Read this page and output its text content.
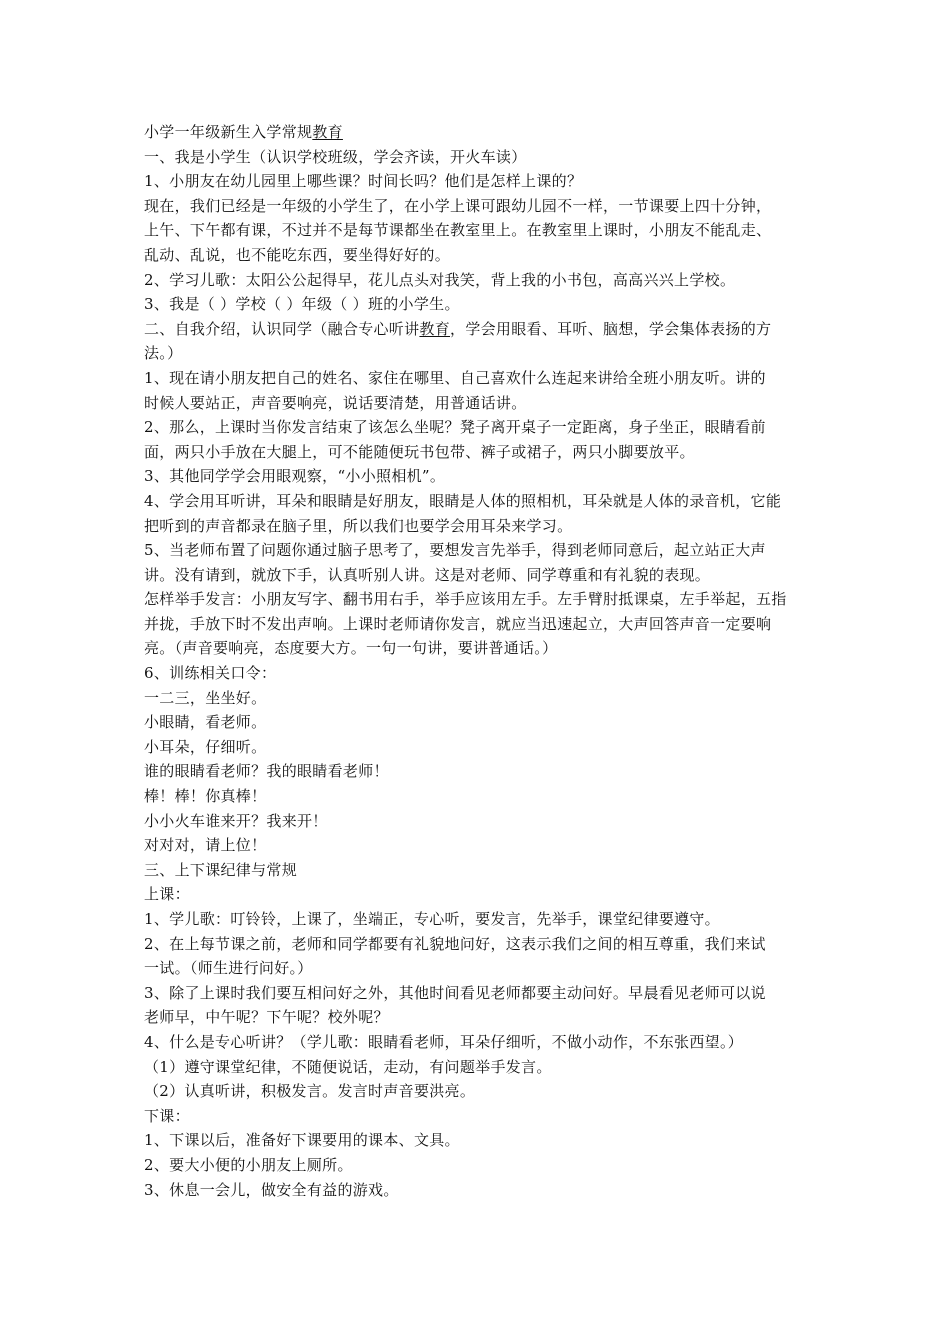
小学一年级新生入学常规教育
一、我是小学生（认识学校班级，学会齐读，开火车读）
1、小朋友在幼儿园里上哪些课？时间长吗？他们是怎样上课的？
现在，我们已经是一年级的小学生了，在小学上课可跟幼儿园不一样，一节课要上四十分钟，
上午、下午都有课，不过并不是每节课都坐在教室里上。在教室里上课时，小朋友不能乱走、
乱动、乱说，也不能吃东西，要坐得好好的。
2、学习儿歌：太阳公公起得早，花儿点头对我笑，背上我的小书包，高高兴兴上学校。
3、我是（ ）学校（ ）年级（ ）班的小学生。
二、自我介绍，认识同学（融合专心听讲教育，学会用眼看、耳听、脑想，学会集体表扬的方
法。）
1、现在请小朋友把自己的姓名、家住在哪里、自己喜欢什么连起来讲给全班小朋友听。讲的
时候人要站正，声音要响亮，说话要清楚，用普通话讲。
2、那么，上课时当你发言结束了该怎么坐呢？凳子离开桌子一定距离，身子坐正，眼睛看前
面，两只小手放在大腿上，可不能随便玩书包带、裤子或裙子，两只小脚要放平。
3、其他同学学会用眼观察，“小小照相机”。
4、学会用耳听讲，耳朵和眼睛是好朋友，眼睛是人体的照相机，耳朵就是人体的录音机，它能
把听到的声音都录在脑子里，所以我们也要学会用耳朵来学习。
5、当老师布置了问题你通过脑子思考了，要想发言先举手，得到老师同意后，起立站正大声
讲。没有请到，就放下手，认真听别人讲。这是对老师、同学尊重和有礼貌的表现。
怎样举手发言：小朋友写字、翻书用右手，举手应该用左手。左手臂肘抵课桌，左手举起，五指
并拢，手放下时不发出声响。上课时老师请你发言，就应当迅速起立，大声回答声音一定要响
亮。（声音要响亮，态度要大方。一句一句讲，要讲普通话。）
6、训练相关口令：
一二三，坐坐好。
小眼睛，看老师。
小耳朵，仔细听。
谁的眼睛看老师？我的眼睛看老师！
棒！棒！你真棒！
小小火车谁来开？我来开！
对对对，请上位！
三、上下课纪律与常规
上课：
1、学儿歌：叮铃铃，上课了，坐端正，专心听，要发言，先举手，课堂纪律要遵守。
2、在上每节课之前，老师和同学都要有礼貌地问好，这表示我们之间的相互尊重，我们来试
一试。（师生进行问好。）
3、除了上课时我们要互相问好之外，其他时间看见老师都要主动问好。早晨看见老师可以说
老师早，中午呢？下午呢？校外呢？
4、什么是专心听讲？（学儿歌：眼睛看老师，耳朵仔细听，不做小动作，不东张西望。）
（1）遵守课堂纪律，不随便说话，走动，有问题举手发言。
（2）认真听讲，积极发言。发言时声音要洪亮。
下课：
1、下课以后，准备好下课要用的课本、文具。
2、要大小便的小朋友上厕所。
3、休息一会儿，做安全有益的游戏。
